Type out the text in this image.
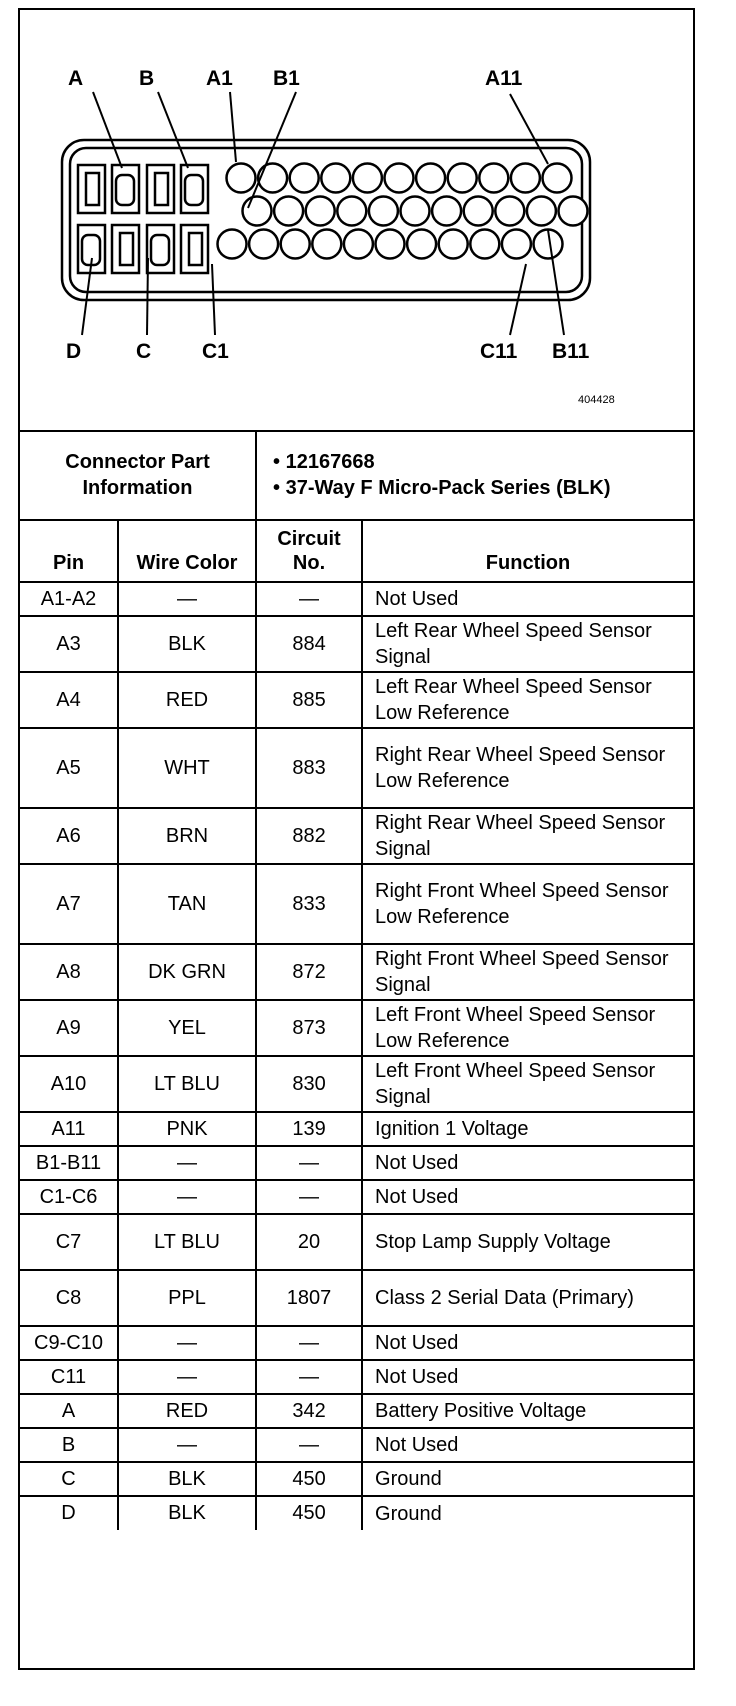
A	B A1 B1	A11
D	C C1	C11 B11
404428
Connector Part Information		• 12167668
• 37-Way F Micro-Pack Series (BLK)	

Pin	Wire Color	Circuit No.	Function
A1-A2	—	—	Not Used
A3	BLK	884	Left Rear Wheel Speed Sensor Signal
A4	RED	885	Left Rear Wheel Speed Sensor Low Reference
A5	WHT	883	Right Rear Wheel Speed Sensor Low Reference
A6	BRN	882	Right Rear Wheel Speed Sensor Signal
A7	TAN	833	Right Front Wheel Speed Sensor Low Reference
A8	DK GRN	872	Right Front Wheel Speed Sensor Signal
A9	YEL	873	Left Front Wheel Speed Sensor Low Reference
A10	LT BLU	830	Left Front Wheel Speed Sensor Signal
A11	PNK	139	Ignition 1 Voltage
B1-B11	—	—	Not Used
C1-C6	—	—	Not Used
C7	LT BLU	20	Stop Lamp Supply Voltage
C8	PPL	1807	Class 2 Serial Data (Primary)
C9-C10	—	—	Not Used
C11	—	—	Not Used
A	RED	342	Battery Positive Voltage
B	—	—	Not Used
C	BLK	450	Ground
D	BLK	450	Ground
